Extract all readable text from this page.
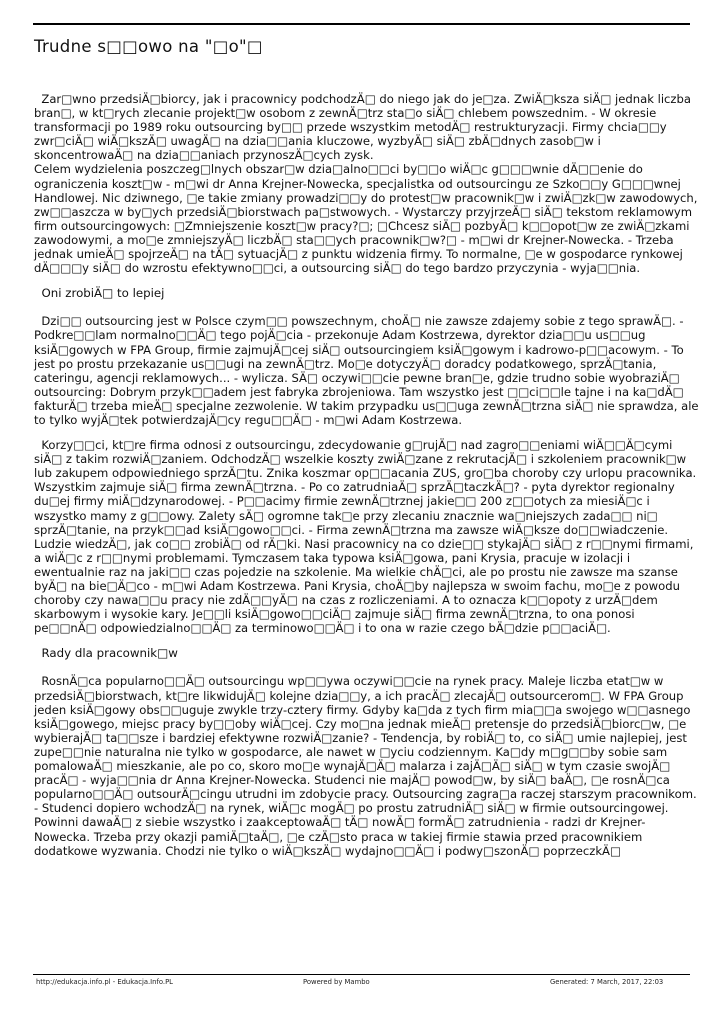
Trudne s□□owo na "□o"□

Zar□wno przedsiÄ□biorcy, jak i pracownicy podchodzÄ□ do niego jak do je□za. ZwiÄ□ksza siÄ□ jednak liczba bran□, w kt□rych zlecanie projekt□w osobom z zewnÄ□trz sta□o siÄ□ chlebem powszednim. - W okresie transformacji po 1989 roku outsourcing by□□ przede wszystkim metodÄ□ restrukturyzacji. Firmy chcia□□y zwr□ciÄ□ wiÄ□kszÄ□ uwagÄ□ na dzia□□ania kluczowe, wyzbyÄ□ siÄ□ zbÄ□dnych zasob□w i skoncentrowaÄ□ na dzia□□aniach przynoszÄ□cych zysk.
Celem wydzielenia poszczeg□lnych obszar□w dzia□alno□□ci by□□o wiÄ□c g□□□wnie dÄ□□enie do ograniczenia koszt□w - m□wi dr Anna Krejner-Nowecka, specjalistka od outsourcingu ze Szko□□y G□□□wnej Handlowej. Nic dziwnego, □e takie zmiany prowadzi□□y do protest□w pracownik□w i zwiÄ□zk□w zawodowych, zw□□aszcza w by□ych przedsiÄ□biorstwach pa□stwowych. - Wystarczy przyjrzeÄ□ siÄ□ tekstom reklamowym firm outsourcingowych: □Zmniejszenie koszt□w pracy?□; □Chcesz siÄ□ pozbyÄ□ k□□opot□w ze zwiÄ□zkami zawodowymi, a mo□e zmniejszyÄ□ liczbÄ□ sta□□ych pracownik□w?□ - m□wi dr Krejner-Nowecka. - Trzeba jednak umieÄ□ spojrzeÄ□ na tÄ□ sytuacjÄ□ z punktu widzenia firmy. To normalne, □e w gospodarce rynkowej dÄ□□□y siÄ□ do wzrostu efektywno□□ci, a outsourcing siÄ□ do tego bardzo przyczynia - wyja□□nia.

Oni zrobiÄ□ to lepiej

Dzi□□ outsourcing jest w Polsce czym□□ powszechnym, choÄ□ nie zawsze zdajemy sobie z tego sprawÄ□. - Podkre□□lam normalno□□Ä□ tego pojÄ□cia - przekonuje Adam Kostrzewa, dyrektor dzia□□u us□□ug ksiÄ□gowych w FPA Group, firmie zajmujÄ□cej siÄ□ outsourcingiem ksiÄ□gowym i kadrowo-p□□acowym. - To jest po prostu przekazanie us□□ugi na zewnÄ□trz. Mo□e dotyczyÄ□ doradcy podatkowego, sprzÄ□tania, cateringu, agencji reklamowych... - wylicza. SÄ□ oczywi□□cie pewne bran□e, gdzie trudno sobie wyobraziÄ□ outsourcing: Dobrym przyk□□adem jest fabryka zbrojeniowa. Tam wszystko jest □□ci□□le tajne i na ka□dÄ□ fakturÄ□ trzeba mieÄ□ specjalne zezwolenie. W takim przypadku us□□uga zewnÄ□trzna siÄ□ nie sprawdza, ale to tylko wyjÄ□tek potwierdzajÄ□cy regu□□Ä□ - m□wi Adam Kostrzewa.

Korzy□□ci, kt□re firma odnosi z outsourcingu, zdecydowanie g□rujÄ□ nad zagro□□eniami wiÄ□□Ä□cymi siÄ□ z takim rozwiÄ□zaniem. OdchodzÄ□ wszelkie koszty zwiÄ□zane z rekrutacjÄ□ i szkoleniem pracownik□w lub zakupem odpowiedniego sprzÄ□tu. Znika koszmar op□□acania ZUS, gro□ba choroby czy urlopu pracownika. Wszystkim zajmuje siÄ□ firma zewnÄ□trzna. - Po co zatrudniaÄ□ sprzÄ□taczkÄ□? - pyta dyrektor regionalny du□ej firmy miÄ□dzynarodowej. - P□□acimy firmie zewnÄ□trznej jakie□□ 200 z□□otych za miesiÄ□c i wszystko mamy z g□□owy. Zalety sÄ□ ogromne tak□e przy zlecaniu znacznie wa□niejszych zada□□ ni□ sprzÄ□tanie, na przyk□□ad ksiÄ□gowo□□ci. - Firma zewnÄ□trzna ma zawsze wiÄ□ksze do□□wiadczenie. Ludzie wiedzÄ□, jak co□□ zrobiÄ□ od rÄ□ki. Nasi pracownicy na co dzie□□ stykajÄ□ siÄ□ z r□□nymi firmami, a wiÄ□c z r□□nymi problemami. Tymczasem taka typowa ksiÄ□gowa, pani Krysia, pracuje w izolacji i ewentualnie raz na jaki□□ czas pojedzie na szkolenie. Ma wielkie chÄ□ci, ale po prostu nie zawsze ma szanse byÄ□ na bie□Ä□co - m□wi Adam Kostrzewa. Pani Krysia, choÄ□by najlepsza w swoim fachu, mo□e z powodu choroby czy nawa□□u pracy nie zdÄ□□yÄ□ na czas z rozliczeniami. A to oznacza k□□opoty z urzÄ□dem skarbowym i wysokie kary. Je□□li ksiÄ□gowo□□ciÄ□ zajmuje siÄ□ firma zewnÄ□trzna, to ona ponosi pe□□nÄ□ odpowiedzialno□□Ä□ za terminowo□□Ä□ i to ona w razie czego bÄ□dzie p□□aciÄ□.

Rady dla pracownik□w

RosnÄ□ca popularno□□Ä□ outsourcingu wp□□ywa oczywi□□cie na rynek pracy. Maleje liczba etat□w w przedsiÄ□biorstwach, kt□re likwidujÄ□ kolejne dzia□□y, a ich pracÄ□ zlecajÄ□ outsourcerom□. W FPA Group jeden ksiÄ□gowy obs□□uguje zwykle trzy-cztery firmy. Gdyby ka□da z tych firm mia□□a swojego w□□asnego ksiÄ□gowego, miejsc pracy by□□oby wiÄ□cej. Czy mo□na jednak mieÄ□ pretensje do przedsiÄ□biorc□w, □e wybierajÄ□ ta□□sze i bardziej efektywne rozwiÄ□zanie? - Tendencja, by robiÄ□ to, co siÄ□ umie najlepiej, jest zupe□□nie naturalna nie tylko w gospodarce, ale nawet w □yciu codziennym. Ka□dy m□g□□by sobie sam pomalowaÄ□ mieszkanie, ale po co, skoro mo□e wynajÄ□Ä□ malarza i zajÄ□Ä□ siÄ□ w tym czasie swojÄ□ pracÄ□ - wyja□□nia dr Anna Krejner-Nowecka. Studenci nie majÄ□ powod□w, by siÄ□ baÄ□, □e rosnÄ□ca popularno□□Ä□ outsourÄ□cingu utrudni im zdobycie pracy. Outsourcing zagra□a raczej starszym pracownikom. - Studenci dopiero wchodzÄ□ na rynek, wiÄ□c mogÄ□ po prostu zatrudniÄ□ siÄ□ w firmie outsourcingowej. Powinni dawaÄ□ z siebie wszystko i zaakceptowaÄ□ tÄ□ nowÄ□ formÄ□ zatrudnienia - radzi dr Krejner-Nowecka. Trzeba przy okazji pamiÄ□taÄ□, □e czÄ□sto praca w takiej firmie stawia przed pracownikiem dodatkowe wyzwania. Chodzi nie tylko o wiÄ□kszÄ□ wydajno□□Ä□ i podwy□szonÄ□ poprzeczkÄ□

http://edukacja.info.pl - Edukacja.Info.PL	Powered by Mambo	Generated: 7 March, 2017, 22:03
